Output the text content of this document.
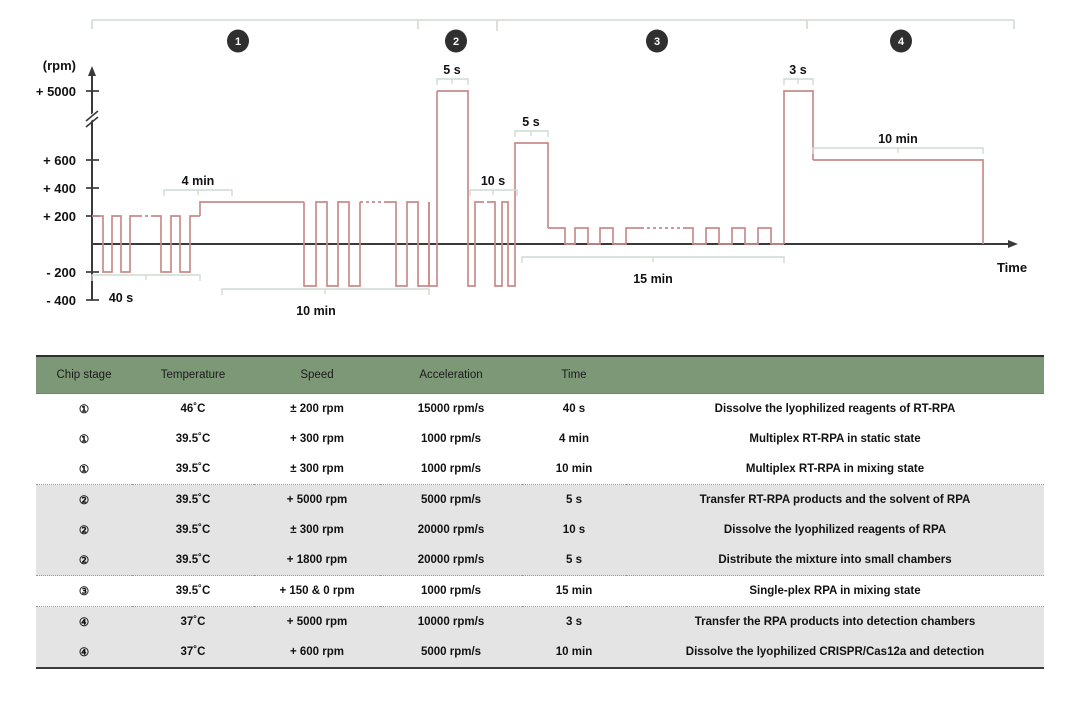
1	2	3	4
(rpm)
+ 5000
+ 600
+ 400
+ 200
- 200
- 400
Time
40 s
4 min
10 min
5 s
10 s
5 s
15 min
3 s
10 min
Chip stage	Temperature	Speed	Acceleration	Time	
①	46˚C	± 200 rpm	15000 rpm/s	40 s	Dissolve the lyophilized reagents of RT-RPA
①	39.5˚C	+ 300 rpm	1000 rpm/s	4 min	Multiplex RT-RPA in static state
①	39.5˚C	± 300 rpm	1000 rpm/s	10 min	Multiplex RT-RPA in mixing state
②	39.5˚C	+ 5000 rpm	5000 rpm/s	5 s	Transfer RT-RPA products and the solvent of RPA
②	39.5˚C	± 300 rpm	20000 rpm/s	10 s	Dissolve the lyophilized reagents of RPA
②	39.5˚C	+ 1800 rpm	20000 rpm/s	5 s	Distribute the mixture into small chambers
③	39.5˚C	+ 150 & 0 rpm	1000 rpm/s	15 min	Single-plex RPA in mixing state
④	37˚C	+ 5000 rpm	10000 rpm/s	3 s	Transfer the RPA products into detection chambers
④	37˚C	+ 600 rpm	5000 rpm/s	10 min	Dissolve the lyophilized CRISPR/Cas12a and detection
